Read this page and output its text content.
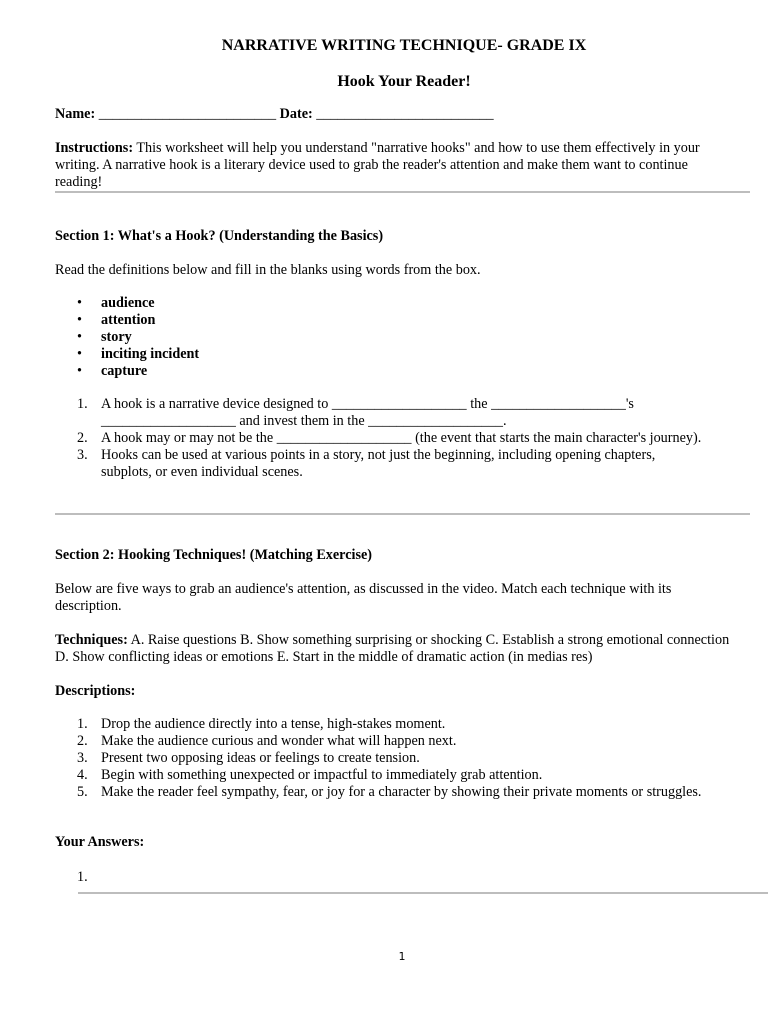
NARRATIVE WRITING TECHNIQUE- GRADE IX
Hook Your Reader!
Name: _________________________ Date: _________________________
Instructions: This worksheet will help you understand "narrative hooks" and how to use them effectively in your writing. A narrative hook is a literary device used to grab the reader's attention and make them want to continue reading!
Section 1: What's a Hook? (Understanding the Basics)
Read the definitions below and fill in the blanks using words from the box.
• audience
• attention
• story
• inciting incident
• capture
1. A hook is a narrative device designed to ___________________ the ___________________'s ___________________ and invest them in the ___________________.
2. A hook may or may not be the ___________________ (the event that starts the main character's journey).
3. Hooks can be used at various points in a story, not just the beginning, including opening chapters, subplots, or even individual scenes.
Section 2: Hooking Techniques! (Matching Exercise)
Below are five ways to grab an audience's attention, as discussed in the video. Match each technique with its description.
Techniques: A. Raise questions B. Show something surprising or shocking C. Establish a strong emotional connection D. Show conflicting ideas or emotions E. Start in the middle of dramatic action (in medias res)
Descriptions:
1. Drop the audience directly into a tense, high-stakes moment.
2. Make the audience curious and wonder what will happen next.
3. Present two opposing ideas or feelings to create tension.
4. Begin with something unexpected or impactful to immediately grab attention.
5. Make the reader feel sympathy, fear, or joy for a character by showing their private moments or struggles.
Your Answers:
1.
1
